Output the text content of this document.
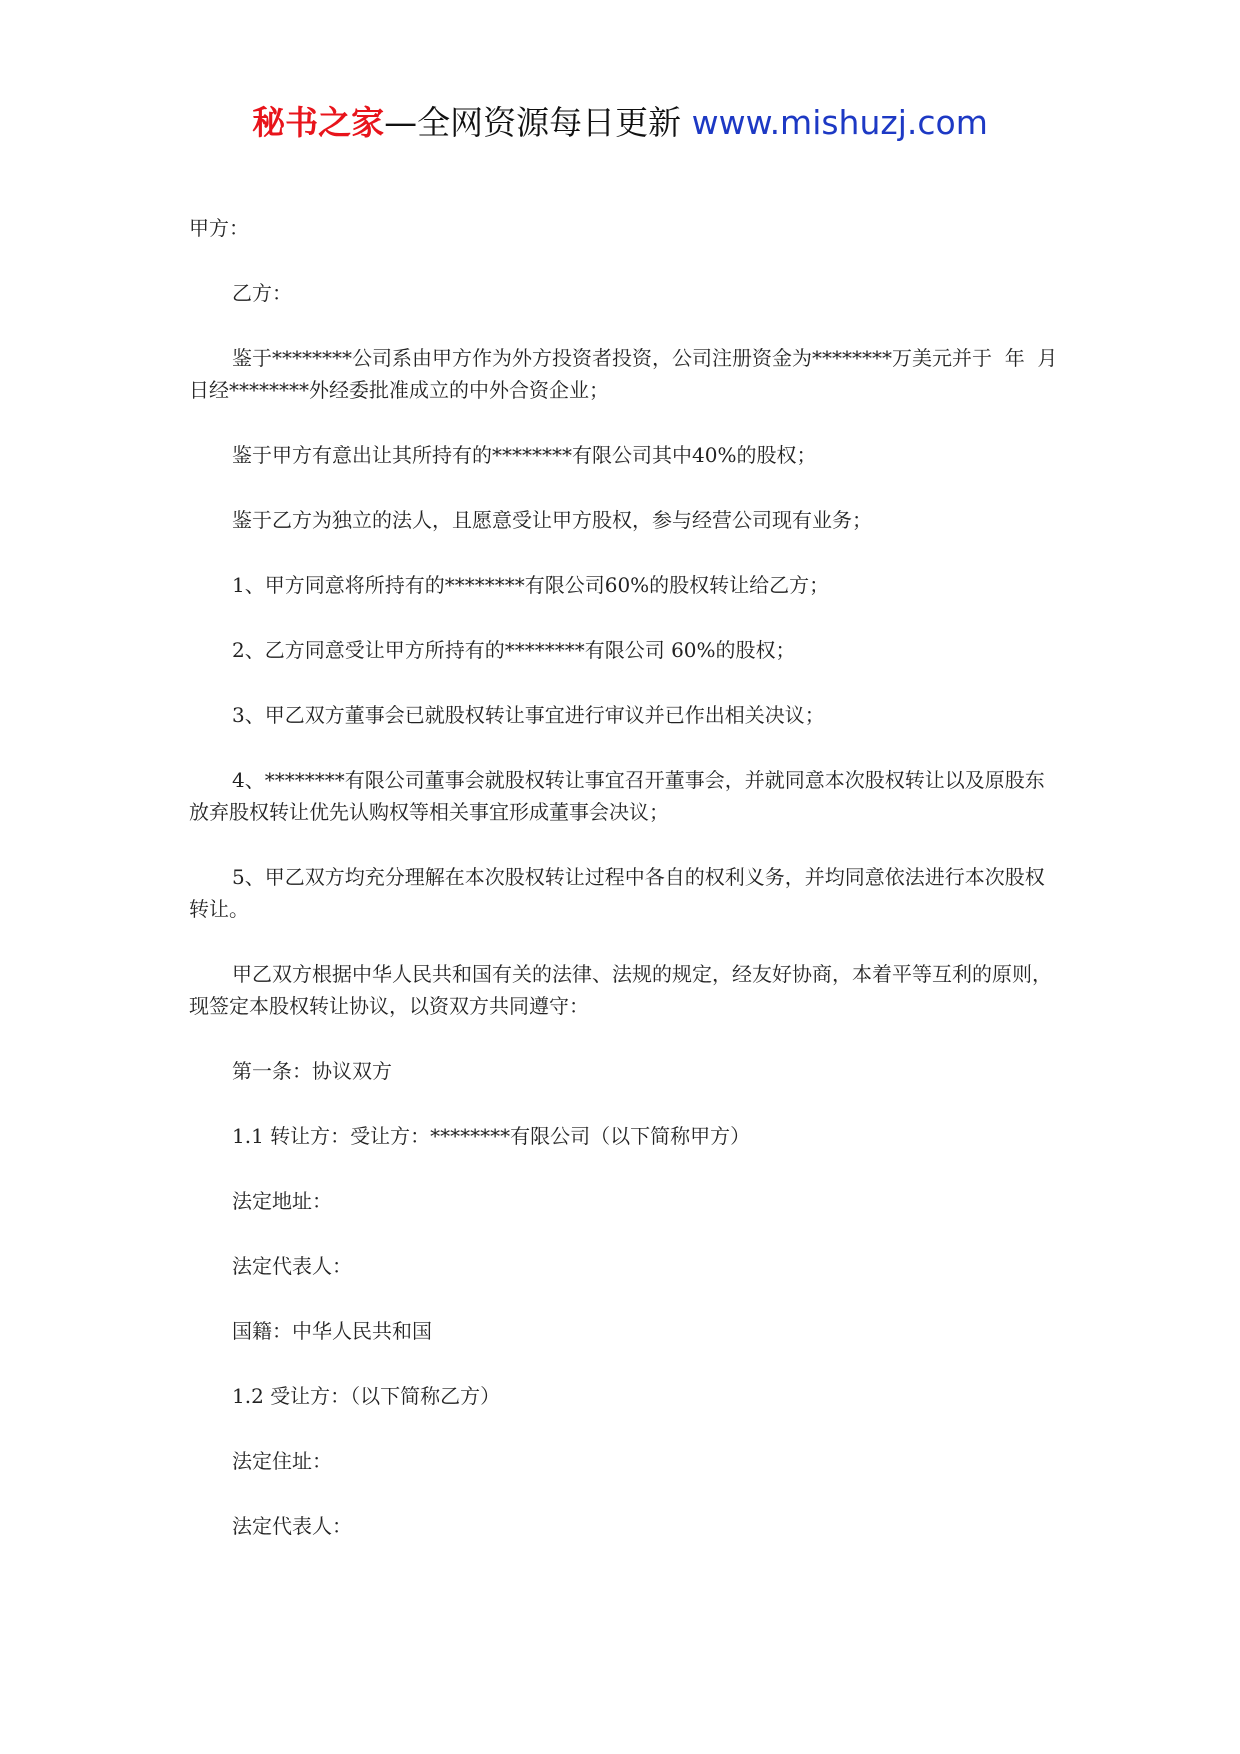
秘书之家—全网资源每日更新 www.mishuzj.com

甲方：

乙方：

鉴于********公司系由甲方作为外方投资者投资，公司注册资金为********万美元并于  年  月  日经********外经委批准成立的中外合资企业；

鉴于甲方有意出让其所持有的********有限公司其中40%的股权；

鉴于乙方为独立的法人，且愿意受让甲方股权，参与经营公司现有业务；

1、甲方同意将所持有的********有限公司60%的股权转让给乙方；

2、乙方同意受让甲方所持有的********有限公司 60%的股权；

3、甲乙双方董事会已就股权转让事宜进行审议并已作出相关决议；

4、********有限公司董事会就股权转让事宜召开董事会，并就同意本次股权转让以及原股东放弃股权转让优先认购权等相关事宜形成董事会决议；

5、甲乙双方均充分理解在本次股权转让过程中各自的权利义务，并均同意依法进行本次股权转让。

甲乙双方根据中华人民共和国有关的法律、法规的规定，经友好协商，本着平等互利的原则，现签定本股权转让协议，以资双方共同遵守：

第一条：协议双方

1.1 转让方：受让方：********有限公司（以下简称甲方）

法定地址：

法定代表人：

国籍：中华人民共和国

1.2 受让方：（以下简称乙方）

法定住址：

法定代表人：
